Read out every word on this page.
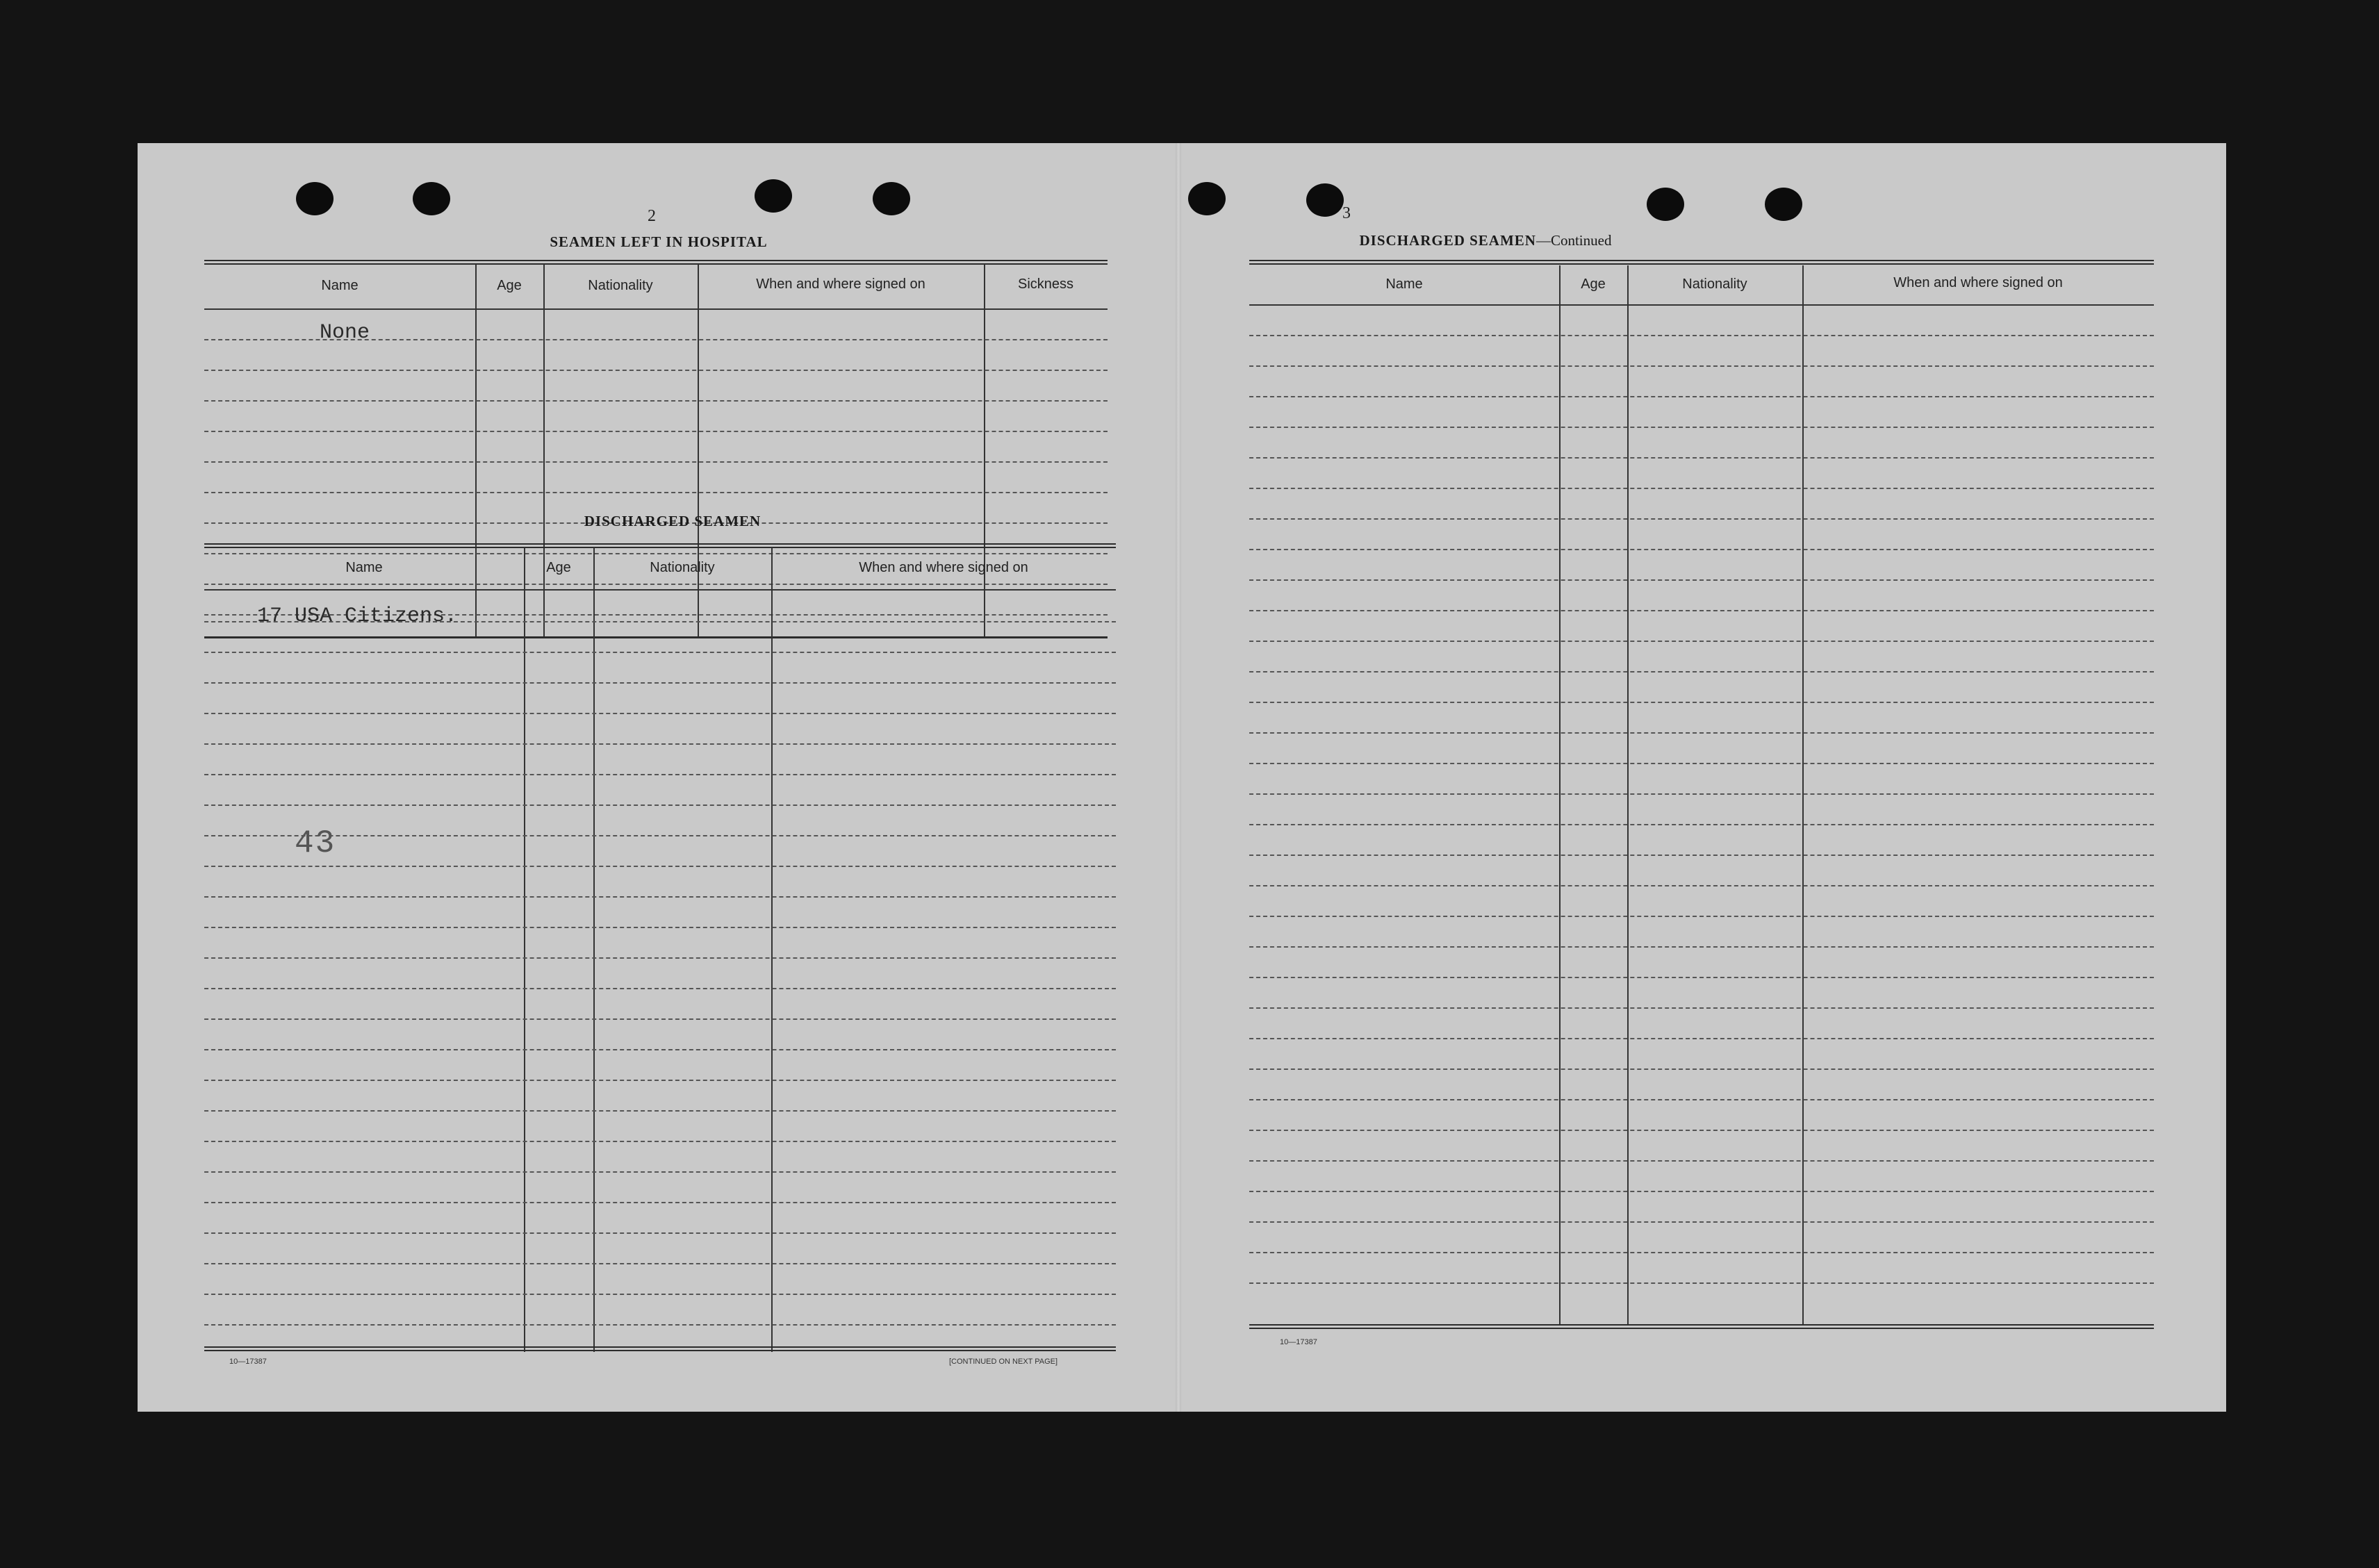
2
SEAMEN LEFT IN HOSPITAL
Name	Age	Nationality	When and where signed on	Sickness
None
DISCHARGED SEAMEN
Name	Age	Nationality	When and where signed on
17 USA Citizens.
43
10—17387	[CONTINUED ON NEXT PAGE]
3
DISCHARGED SEAMEN—Continued
Name	Age	Nationality	When and where signed on
10—17387
